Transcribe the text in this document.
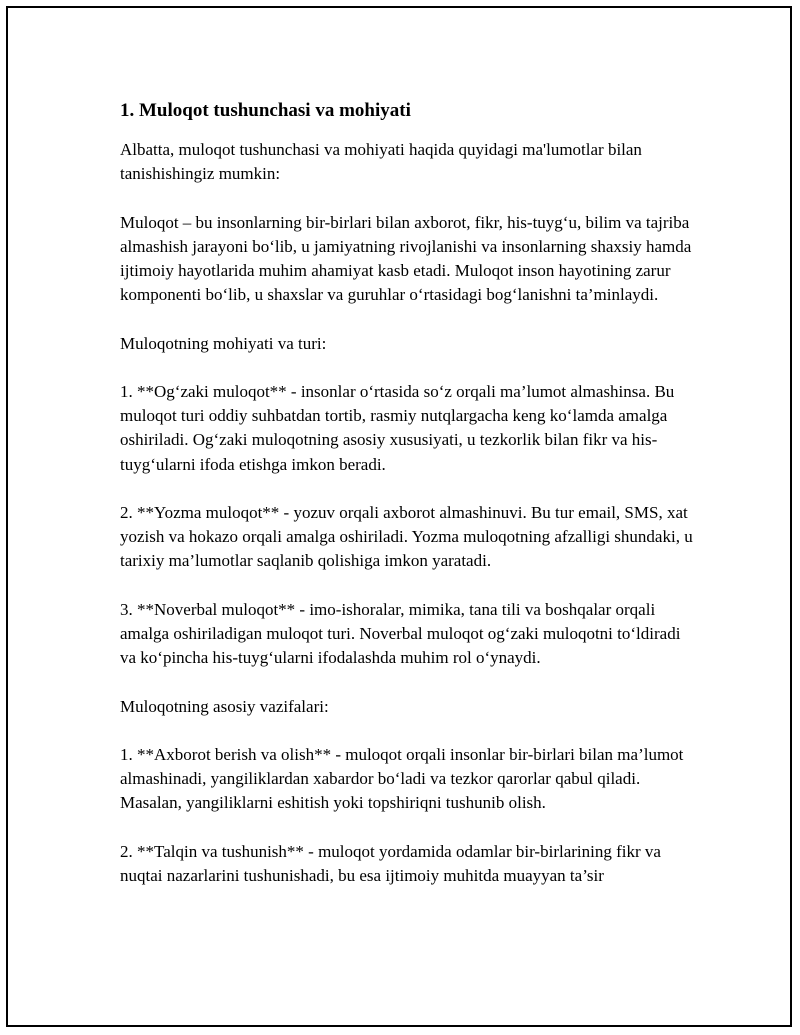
1. Muloqot tushunchasi va mohiyati

Albatta, muloqot tushunchasi va mohiyati haqida quyidagi ma'lumotlar bilan tanishishingiz mumkin:

Muloqot – bu insonlarning bir-birlari bilan axborot, fikr, his-tuyg‘u, bilim va tajriba almashish jarayoni bo‘lib, u jamiyatning rivojlanishi va insonlarning shaxsiy hamda ijtimoiy hayotlarida muhim ahamiyat kasb etadi. Muloqot inson hayotining zarur komponenti bo‘lib, u shaxslar va guruhlar o‘rtasidagi bog‘lanishni ta’minlaydi.

Muloqotning mohiyati va turi:

1. **Og‘zaki muloqot** - insonlar o‘rtasida so‘z orqali ma’lumot almashinsa. Bu muloqot turi oddiy suhbatdan tortib, rasmiy nutqlargacha keng ko‘lamda amalga oshiriladi. Og‘zaki muloqotning asosiy xususiyati, u tezkorlik bilan fikr va his-tuyg‘ularni ifoda etishga imkon beradi.

2. **Yozma muloqot** - yozuv orqali axborot almashinuvi. Bu tur email, SMS, xat yozish va hokazo orqali amalga oshiriladi. Yozma muloqotning afzalligi shundaki, u tarixiy ma’lumotlar saqlanib qolishiga imkon yaratadi.

3. **Noverbal muloqot** - imo-ishoralar, mimika, tana tili va boshqalar orqali amalga oshiriladigan muloqot turi. Noverbal muloqot og‘zaki muloqotni to‘ldiradi va ko‘pincha his-tuyg‘ularni ifodalashda muhim rol o‘ynaydi.

Muloqotning asosiy vazifalari:

1. **Axborot berish va olish** - muloqot orqali insonlar bir-birlari bilan ma’lumot almashinadi, yangiliklardan xabardor bo‘ladi va tezkor qarorlar qabul qiladi. Masalan, yangiliklarni eshitish yoki topshiriqni tushunib olish.

2. **Talqin va tushunish** - muloqot yordamida odamlar bir-birlarining fikr va nuqtai nazarlarini tushunishadi, bu esa ijtimoiy muhitda muayyan ta’sir
